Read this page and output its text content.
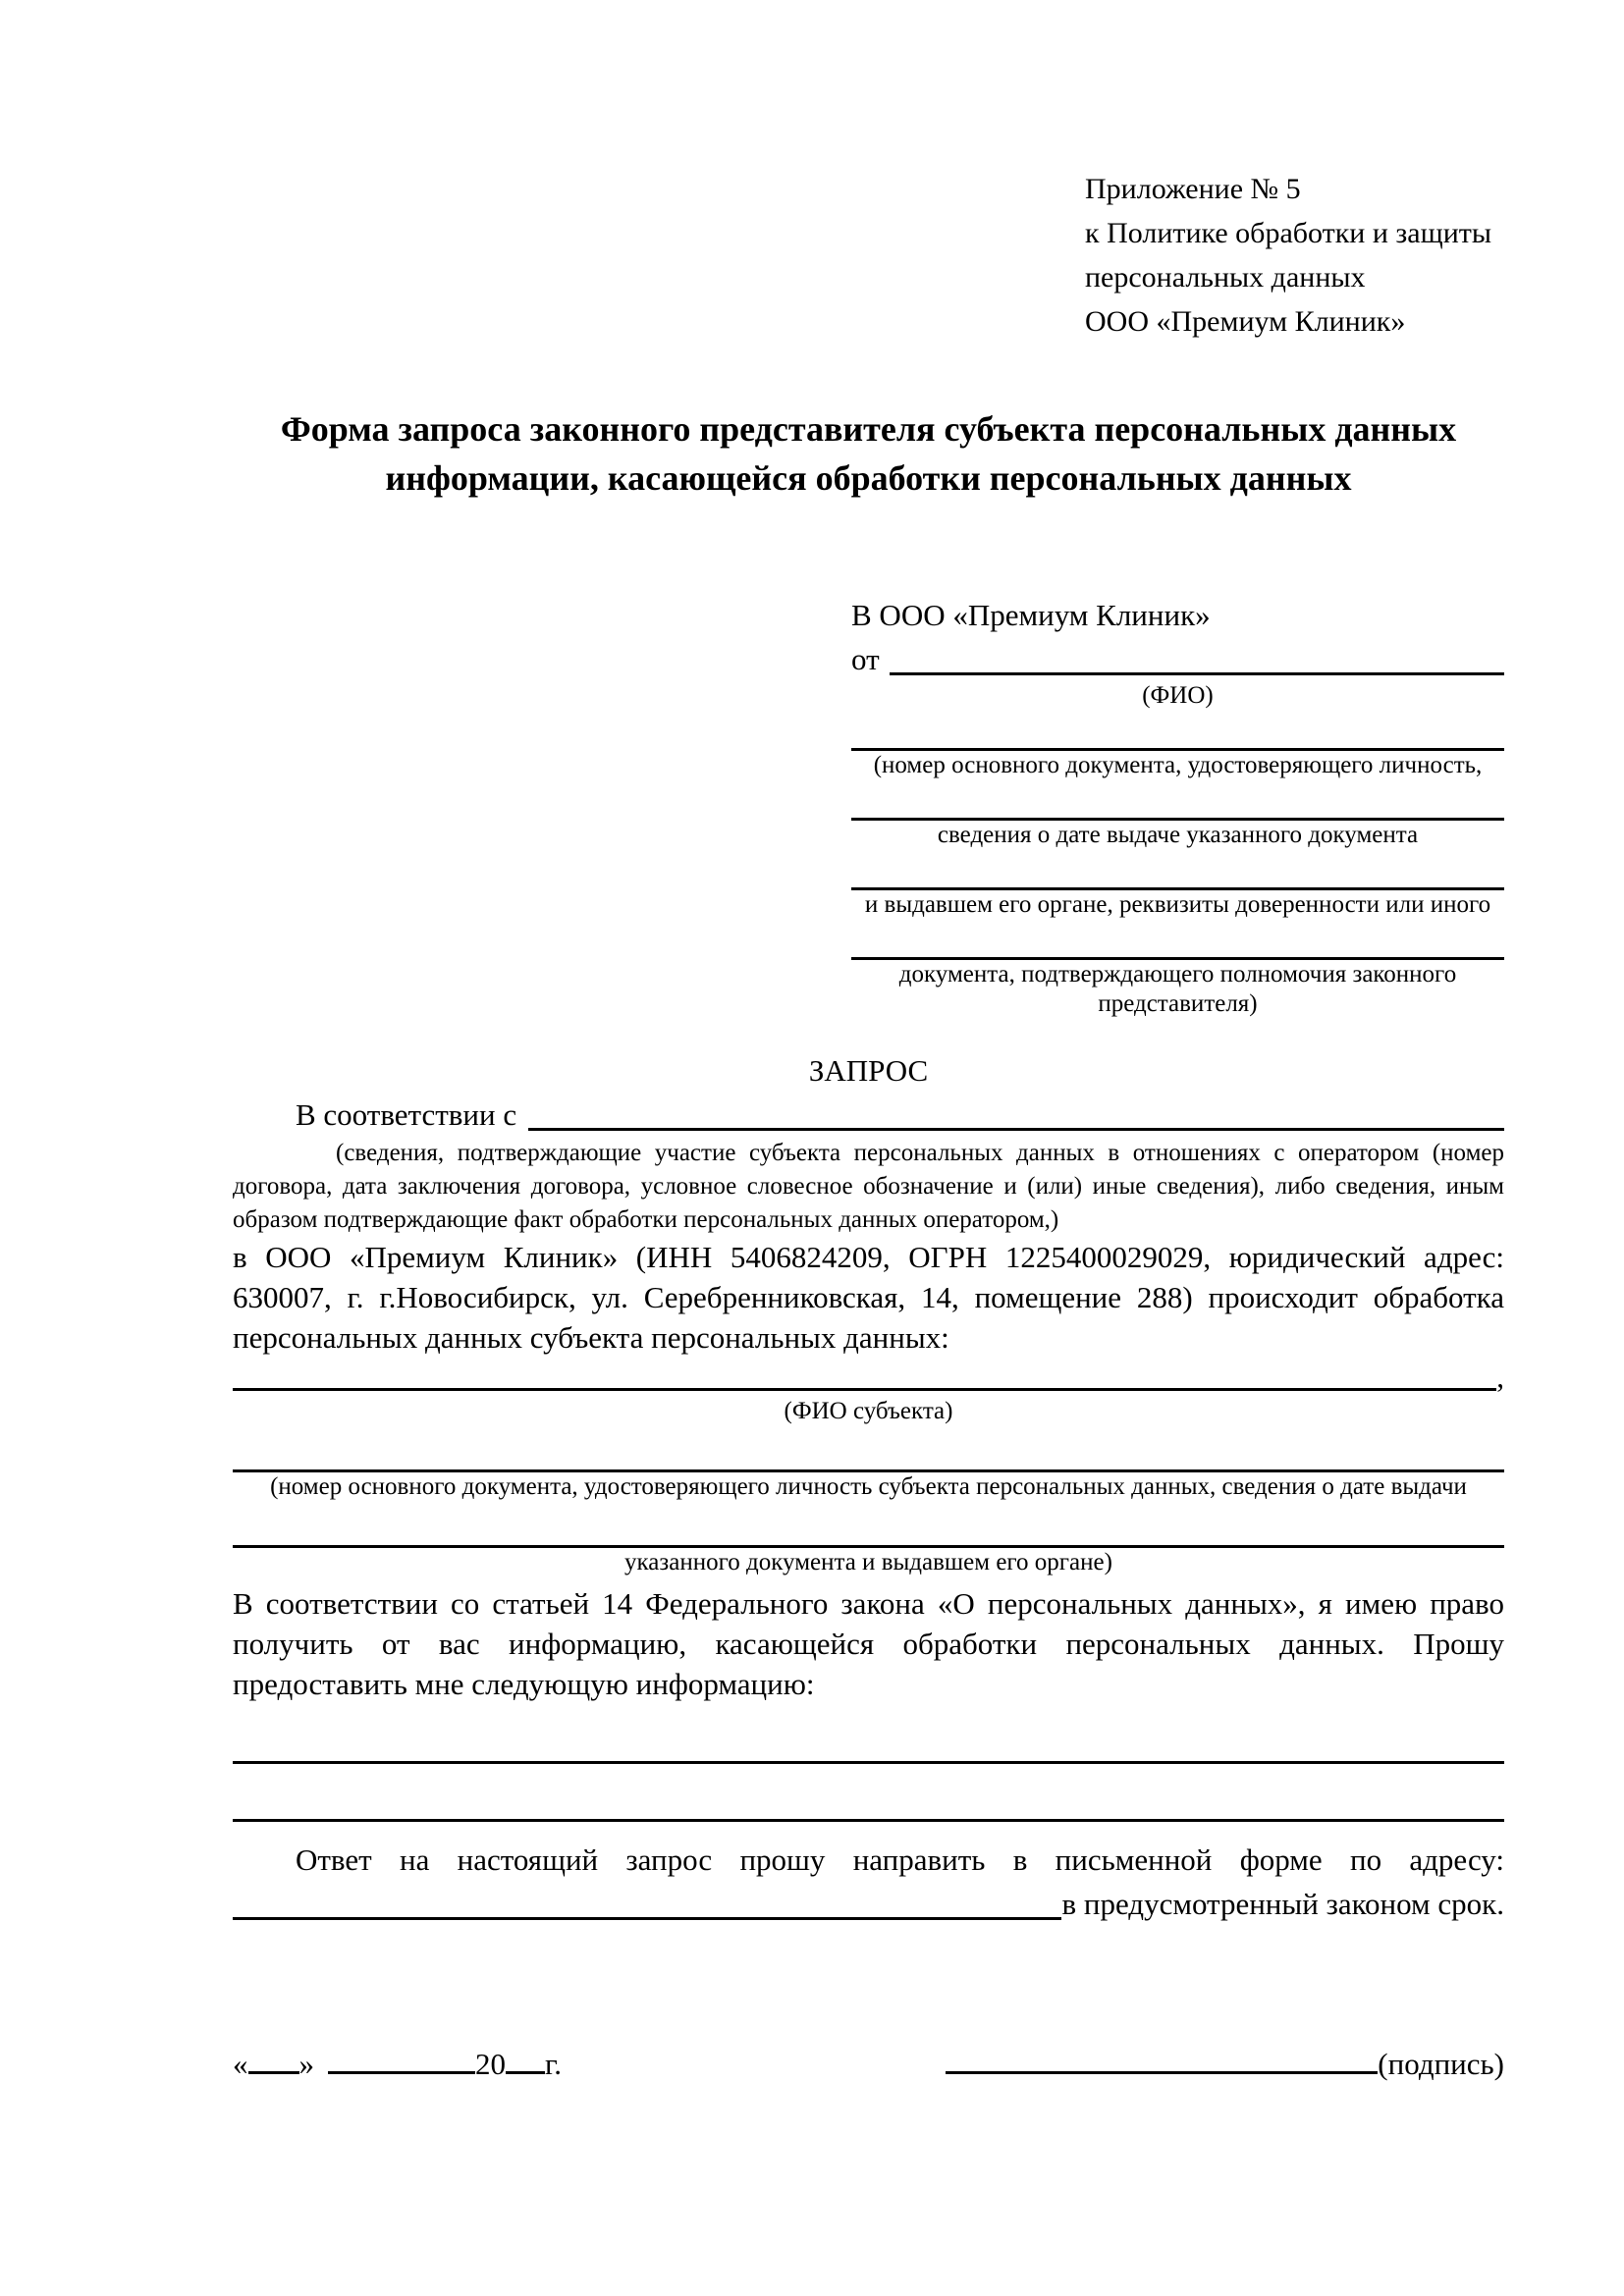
Приложение № 5
к Политике обработки и защиты
персональных данных
ООО «Премиум Клиник»
Форма запроса законного представителя субъекта персональных данных информации, касающейся обработки персональных данных
В ООО «Премиум Клиник»
от
(ФИО)
(номер основного документа, удостоверяющего личность,
сведения о дате выдаче указанного документа
и выдавшем его органе, реквизиты доверенности или иного
документа, подтверждающего полномочия законного представителя)
ЗАПРОС
В соответствии с
(сведения, подтверждающие участие субъекта персональных данных в отношениях с оператором (номер договора, дата заключения договора, условное словесное обозначение и (или) иные сведения), либо сведения, иным образом подтверждающие факт обработки персональных данных оператором,)
в ООО «Премиум Клиник» (ИНН 5406824209, ОГРН 1225400029029, юридический адрес: 630007, г. г.Новосибирск, ул. Серебренниковская, 14, помещение 288) происходит обработка персональных данных субъекта персональных данных:
,
(ФИО субъекта)
(номер основного документа, удостоверяющего личность субъекта персональных данных, сведения о дате выдачи
указанного документа и выдавшем его органе)
В соответствии со статьей 14 Федерального закона «О персональных данных», я имею право получить от вас информацию, касающейся обработки персональных данных. Прошу предоставить мне следующую информацию:
Ответ на настоящий запрос прошу направить в письменной форме по адресу:
в предусмотренный законом срок.
« »	20 г.	(подпись)
